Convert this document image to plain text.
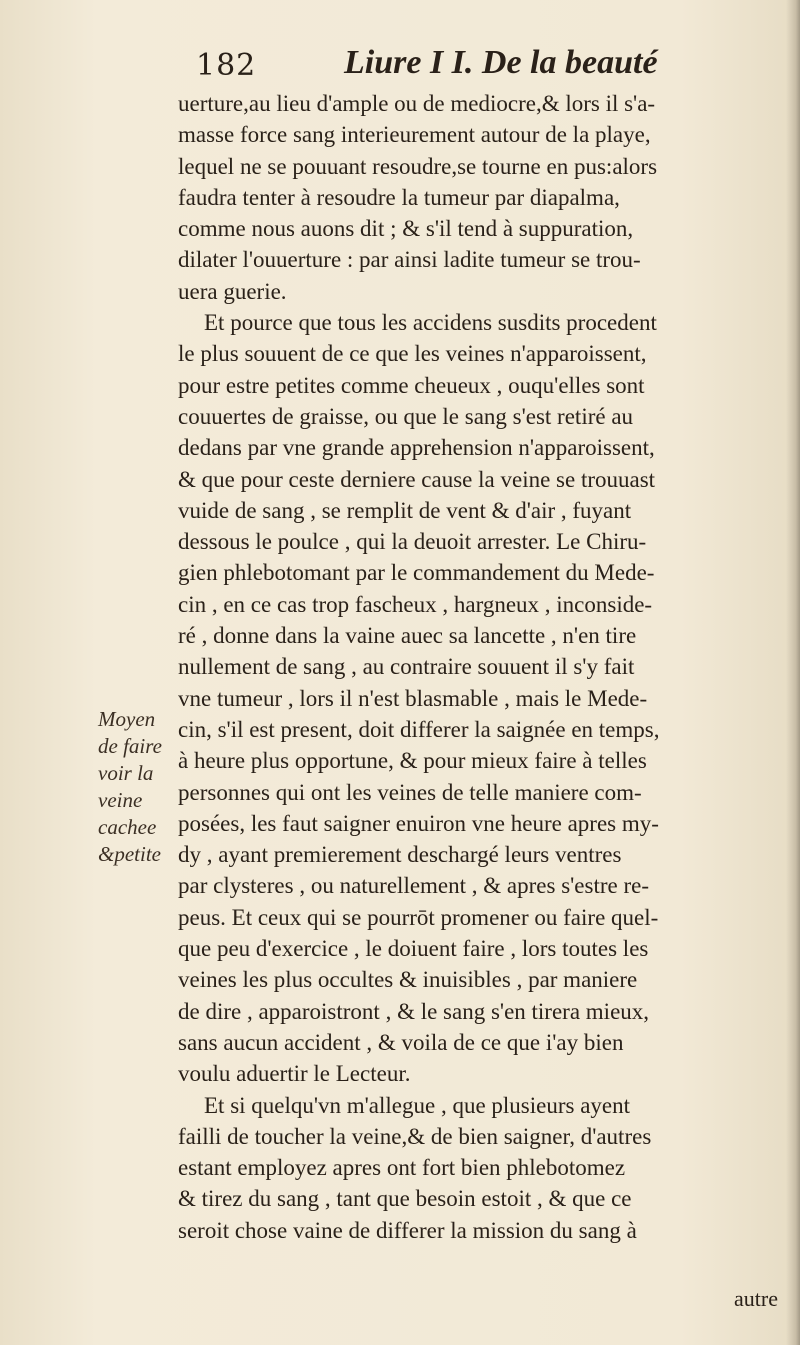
182	Liure I I. De la beauté
Moyen
de faire
voir la
veine
cachee
&petite
uerture,au lieu d'ample ou de mediocre,& lors il s'a-
masse force sang interieurement autour de la playe,
lequel ne se pouuant resoudre,se tourne en pus:alors
faudra tenter à resoudre la tumeur par diapalma,
comme nous auons dit ; & s'il tend à suppuration,
dilater l'ouuerture : par ainsi ladite tumeur se trou-
uera guerie.
Et pource que tous les accidens susdits procedent
le plus souuent de ce que les veines n'apparoissent,
pour estre petites comme cheueux , ouqu'elles sont
couuertes de graisse, ou que le sang s'est retiré au
dedans par vne grande apprehension n'apparoissent,
& que pour ceste derniere cause la veine se trouuast
vuide de sang , se remplit de vent & d'air , fuyant
dessous le poulce , qui la deuoit arrester. Le Chiru-
gien phlebotomant par le commandement du Mede-
cin , en ce cas trop fascheux , hargneux , inconside-
ré , donne dans la vaine auec sa lancette , n'en tire
nullement de sang , au contraire souuent il s'y fait
vne tumeur , lors il n'est blasmable , mais le Mede-
cin, s'il est present, doit differer la saignée en temps,
à heure plus opportune, & pour mieux faire à telles
personnes qui ont les veines de telle maniere com-
posées, les faut saigner enuiron vne heure apres my-
dy , ayant premierement deschargé leurs ventres
par clysteres , ou naturellement , & apres s'estre re-
peus. Et ceux qui se pourrōt promener ou faire quel-
que peu d'exercice , le doiuent faire , lors toutes les
veines les plus occultes & inuisibles , par maniere
de dire , apparoistront , & le sang s'en tirera mieux,
sans aucun accident , & voila de ce que i'ay bien
voulu aduertir le Lecteur.
Et si quelqu'vn m'allegue , que plusieurs ayent
failli de toucher la veine,& de bien saigner, d'autres
estant employez apres ont fort bien phlebotomez
& tirez du sang , tant que besoin estoit , & que ce
seroit chose vaine de differer la mission du sang à
autre
